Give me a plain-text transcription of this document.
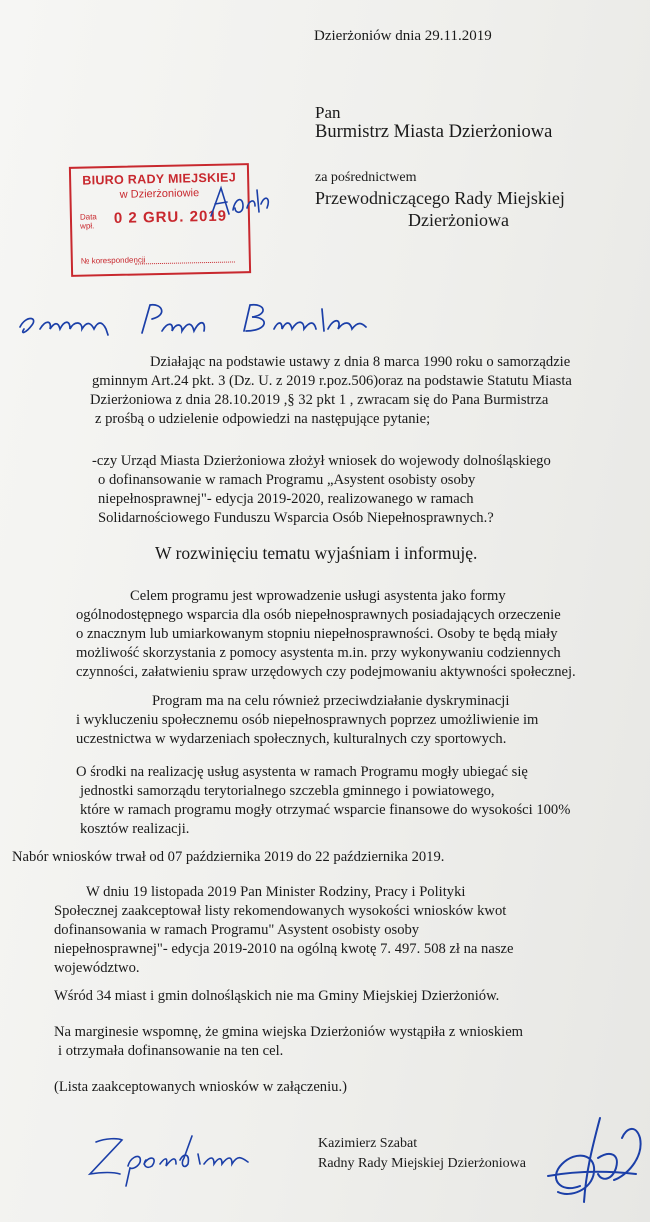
Dzierżoniów dnia 29.11.2019
Pan
Burmistrz Miasta Dzierżoniowa
za pośrednictwem
Przewodniczącego Rady Miejskiej
Dzierżoniowa
BIURO RADY MIEJSKIEJ
w Dzierżoniowie
Data wpł.	0 2 GRU. 2019
№ korespondencji
Działając na podstawie ustawy z dnia 8 marca 1990 roku o samorządzie
gminnym Art.24 pkt. 3 (Dz. U. z 2019 r.poz.506)oraz na podstawie Statutu Miasta
Dzierżoniowa z dnia 28.10.2019 ,§ 32 pkt 1 , zwracam się do Pana Burmistrza
z prośbą o udzielenie odpowiedzi na następujące pytanie;
-czy Urząd Miasta Dzierżoniowa złożył wniosek do wojewody dolnośląskiego
o dofinansowanie w ramach Programu „Asystent osobisty osoby
niepełnosprawnej"- edycja 2019-2020, realizowanego w ramach
Solidarnościowego Funduszu Wsparcia Osób Niepełnosprawnych.?
W rozwinięciu tematu wyjaśniam i informuję.
Celem programu jest wprowadzenie usługi asystenta jako formy
ogólnodostępnego wsparcia dla osób niepełnosprawnych posiadających orzeczenie
o znacznym lub umiarkowanym stopniu niepełnosprawności. Osoby te będą miały
możliwość skorzystania z pomocy asystenta m.in. przy wykonywaniu codziennych
czynności, załatwieniu spraw urzędowych czy podejmowaniu aktywności społecznej.
Program ma na celu również przeciwdziałanie dyskryminacji
i wykluczeniu społecznemu osób niepełnosprawnych poprzez umożliwienie im
uczestnictwa w wydarzeniach społecznych, kulturalnych czy sportowych.
O środki na realizację usług asystenta w ramach Programu mogły ubiegać się
jednostki samorządu terytorialnego szczebla gminnego i powiatowego,
które w ramach programu mogły otrzymać wsparcie finansowe do wysokości 100%
kosztów realizacji.
Nabór wniosków trwał od 07 października 2019 do 22 października 2019.
W dniu 19 listopada 2019 Pan Minister Rodziny, Pracy i Polityki
Społecznej zaakceptował listy rekomendowanych wysokości wniosków kwot
dofinansowania w ramach Programu" Asystent osobisty osoby
niepełnosprawnej"- edycja 2019-2010 na ogólną kwotę 7. 497. 508 zł na nasze
województwo.
Wśród 34 miast i gmin dolnośląskich nie ma Gminy Miejskiej Dzierżoniów.
Na marginesie wspomnę, że gmina wiejska Dzierżoniów wystąpiła z wnioskiem
i otrzymała dofinansowanie na ten cel.
(Lista zaakceptowanych wniosków w załączeniu.)
Kazimierz Szabat
Radny Rady Miejskiej Dzierżoniowa
